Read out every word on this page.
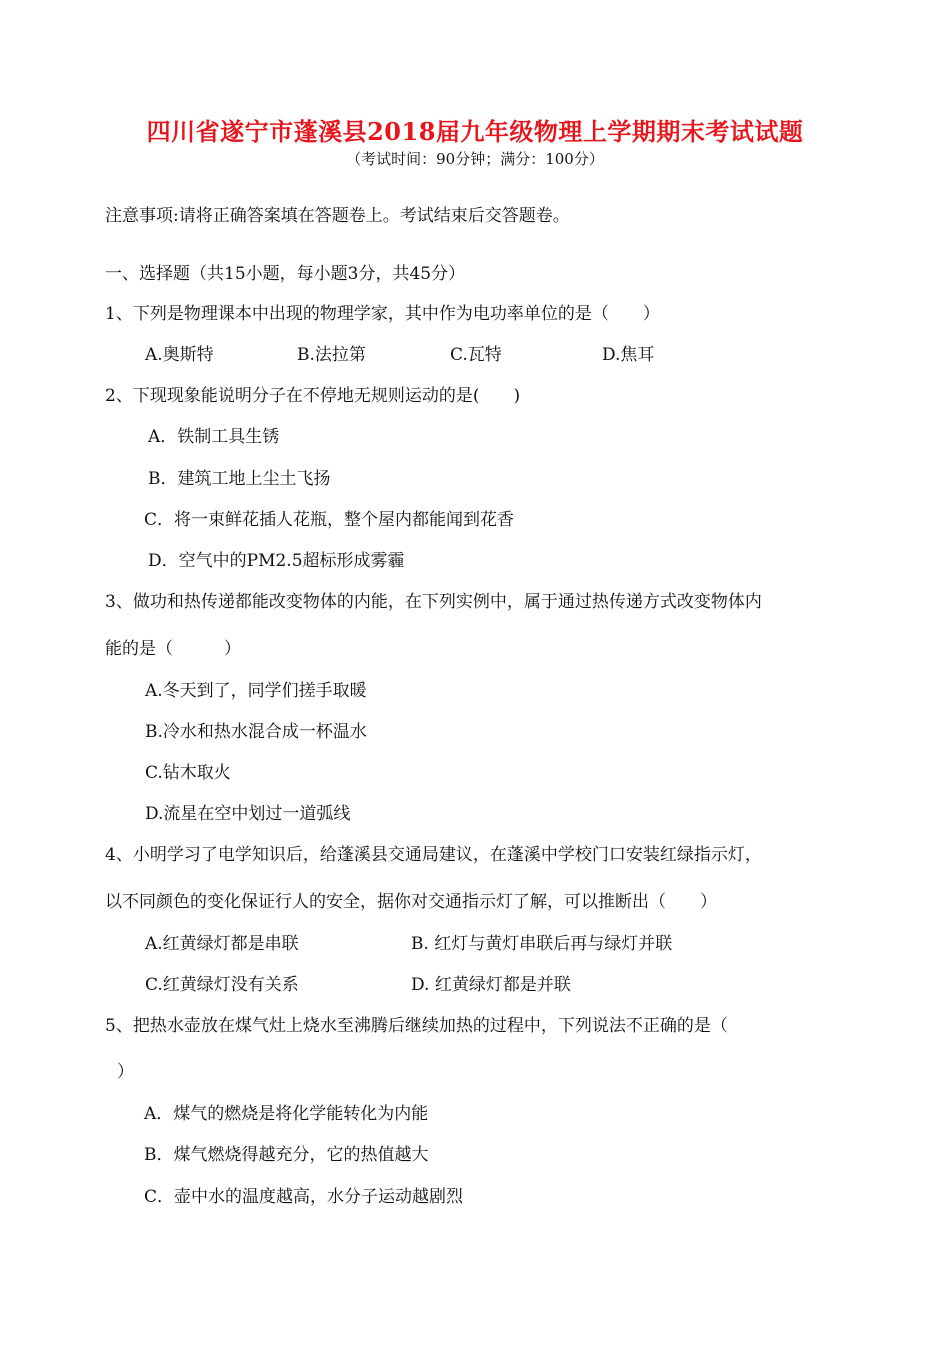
四川省遂宁市蓬溪县2018届九年级物理上学期期末考试试题
（考试时间：90分钟；满分：100分）
注意事项:请将正确答案填在答题卷上。考试结束后交答题卷。
一、选择题（共15小题，每小题3分，共45分）
1、下列是物理课本中出现的物理学家，其中作为电功率单位的是（　　）
A.奥斯特	B.法拉第	C.瓦特	D.焦耳
2、下现现象能说明分子在不停地无规则运动的是(　　)
A．铁制工具生锈
B．建筑工地上尘土飞扬
C．将一束鲜花插人花瓶，整个屋内都能闻到花香
D．空气中的PM2.5超标形成雾霾
3、做功和热传递都能改变物体的内能，在下列实例中，属于通过热传递方式改变物体内
能的是（　　　）
A.冬天到了，同学们搓手取暖
B.冷水和热水混合成一杯温水
C.钻木取火
D.流星在空中划过一道弧线
4、小明学习了电学知识后，给蓬溪县交通局建议，在蓬溪中学校门口安装红绿指示灯，
以不同颜色的变化保证行人的安全，据你对交通指示灯了解，可以推断出（　　）
A.红黄绿灯都是串联	B. 红灯与黄灯串联后再与绿灯并联
C.红黄绿灯没有关系	D. 红黄绿灯都是并联
5、把热水壶放在煤气灶上烧水至沸腾后继续加热的过程中，下列说法不正确的是（
）
A．煤气的燃烧是将化学能转化为内能
B．煤气燃烧得越充分，它的热值越大
C．壶中水的温度越高，水分子运动越剧烈
